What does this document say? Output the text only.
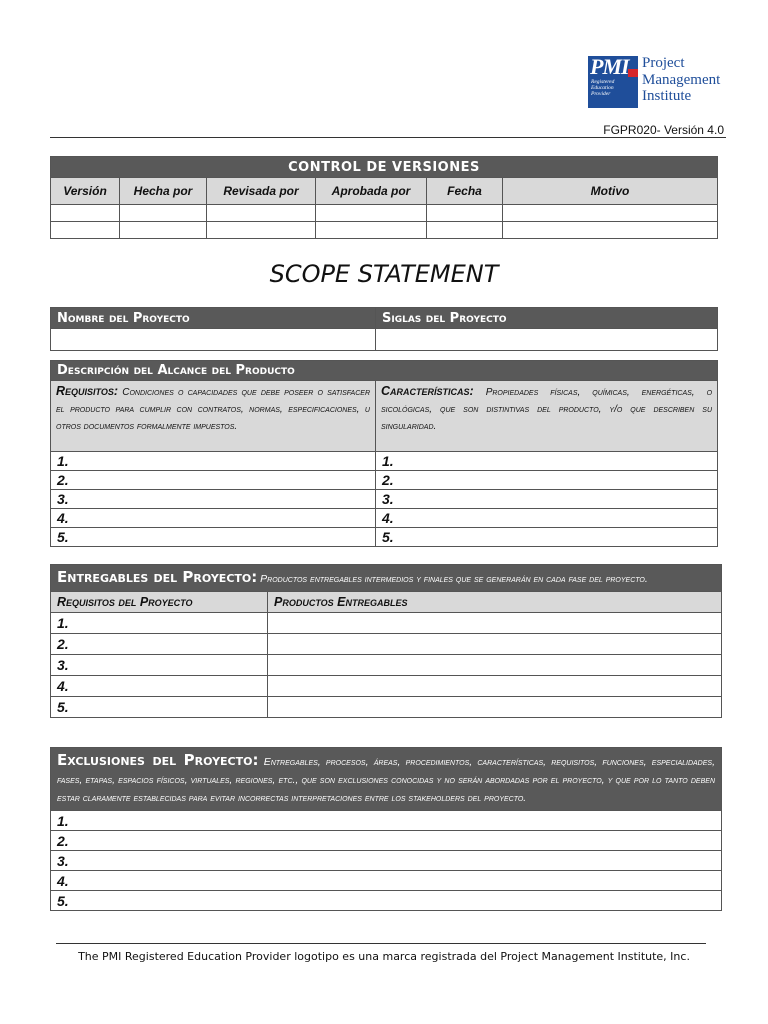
PMI
Registered
Education
Provider
Project
Management
Institute
FGPR020- Versión 4.0
CONTROL DE VERSIONES					
Versión	Hecha por	Revisada por	Aprobada por	Fecha	Motivo

SCOPE STATEMENT
Nombre del Proyecto	Siglas del Proyecto

Descripción del Alcance del Producto	
Requisitos: Condiciones o capacidades que debe poseer o satisfacer el producto para cumplir con contratos, normas, especificaciones, u otros documentos formalmente impuestos.	Características: Propiedades físicas, químicas, energéticas, o sicológicas, que son distintivas del producto, y/o que describen su singularidad.
1.	1.
2.	2.
3.	3.
4.	4.
5.	5.
Entregables del Proyecto: Productos entregables intermedios y finales que se generarán en cada fase del proyecto.	
Requisitos del Proyecto	Productos Entregables
1.	
2.	
3.	
4.	
5.	
Exclusiones del Proyecto: Entregables, procesos, áreas, procedimientos, características, requisitos, funciones, especialidades, fases, etapas, espacios físicos, virtuales, regiones, etc., que son exclusiones conocidas y no serán abordadas por el proyecto, y que por lo tanto deben estar claramente establecidas para evitar incorrectas interpretaciones entre los stakeholders del proyecto.
1.
2.
3.
4.
5.
The PMI Registered Education Provider logotipo es una marca registrada del Project Management Institute, Inc.
